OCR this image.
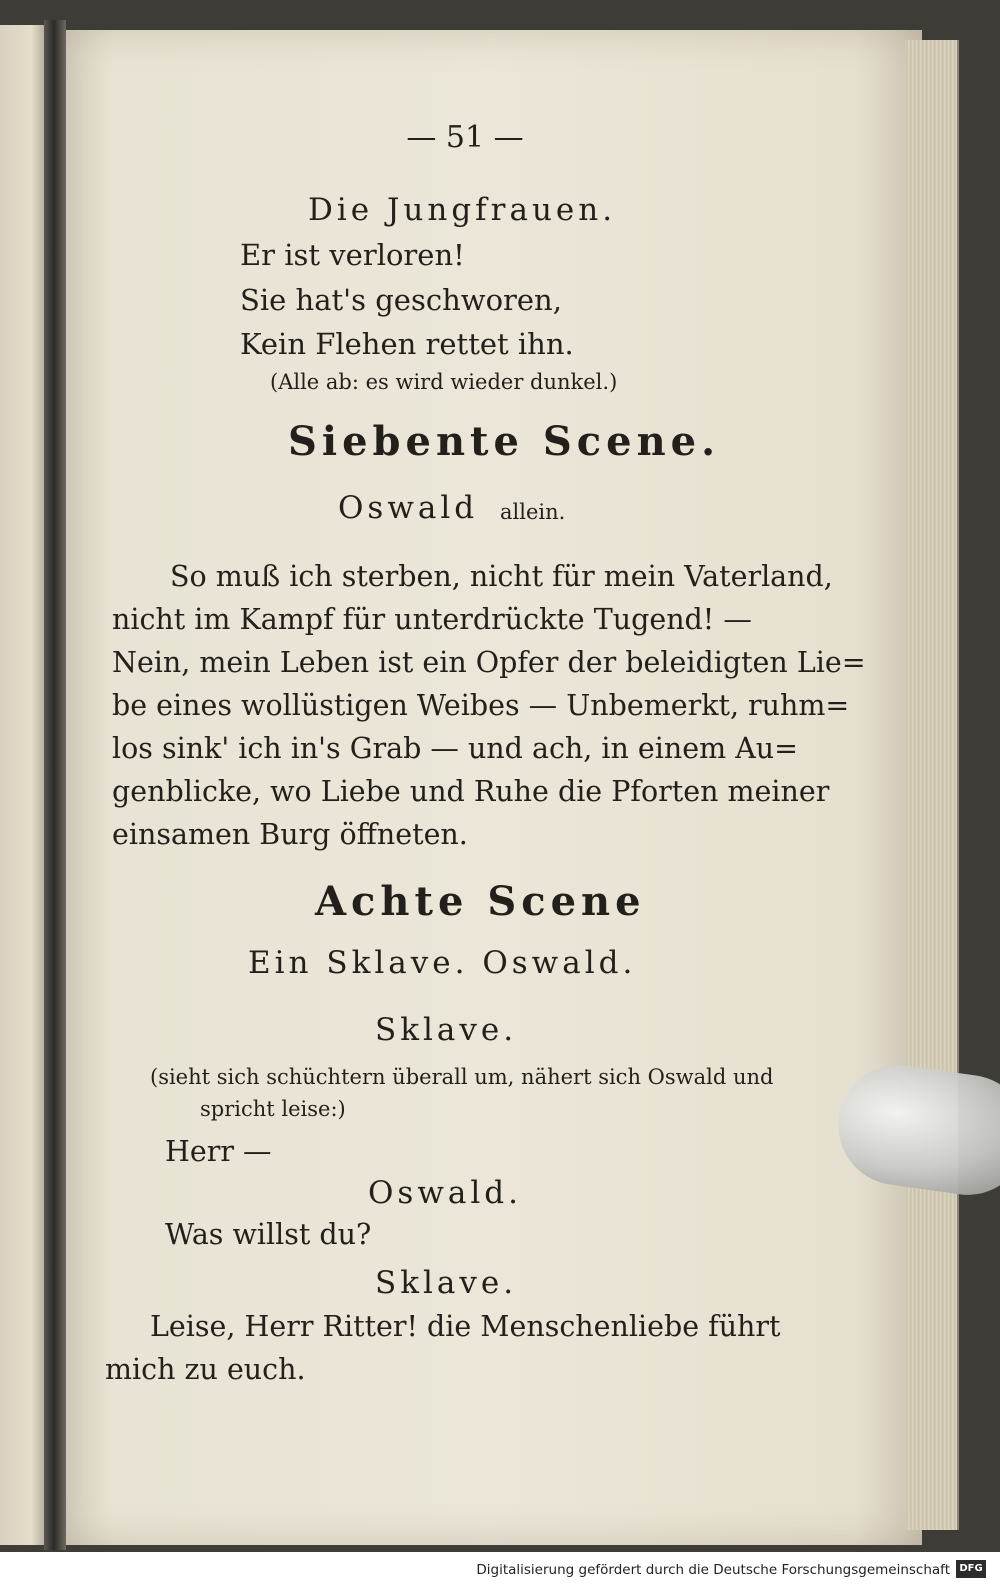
— 51 —
Die Jungfrauen.
Er ist verloren!
Sie hat's geschworen,
Kein Flehen rettet ihn.
(Alle ab: es wird wieder dunkel.)
Siebente Scene.
Oswald allein.
So muß ich sterben, nicht für mein Vaterland,
nicht im Kampf für unterdrückte Tugend! —
Nein, mein Leben ist ein Opfer der beleidigten Lie=
be eines wollüstigen Weibes — Unbemerkt, ruhm=
los sink' ich in's Grab — und ach, in einem Au=
genblicke, wo Liebe und Ruhe die Pforten meiner
einsamen Burg öffneten.
Achte Scene
Ein Sklave. Oswald.
Sklave.
(sieht sich schüchtern überall um, nähert sich Oswald und
spricht leise:)
Herr —
Oswald.
Was willst du?
Sklave.
Leise, Herr Ritter! die Menschenliebe führt
mich zu euch.
Digitalisierung gefördert durch die Deutsche Forschungsgemeinschaft DFG
